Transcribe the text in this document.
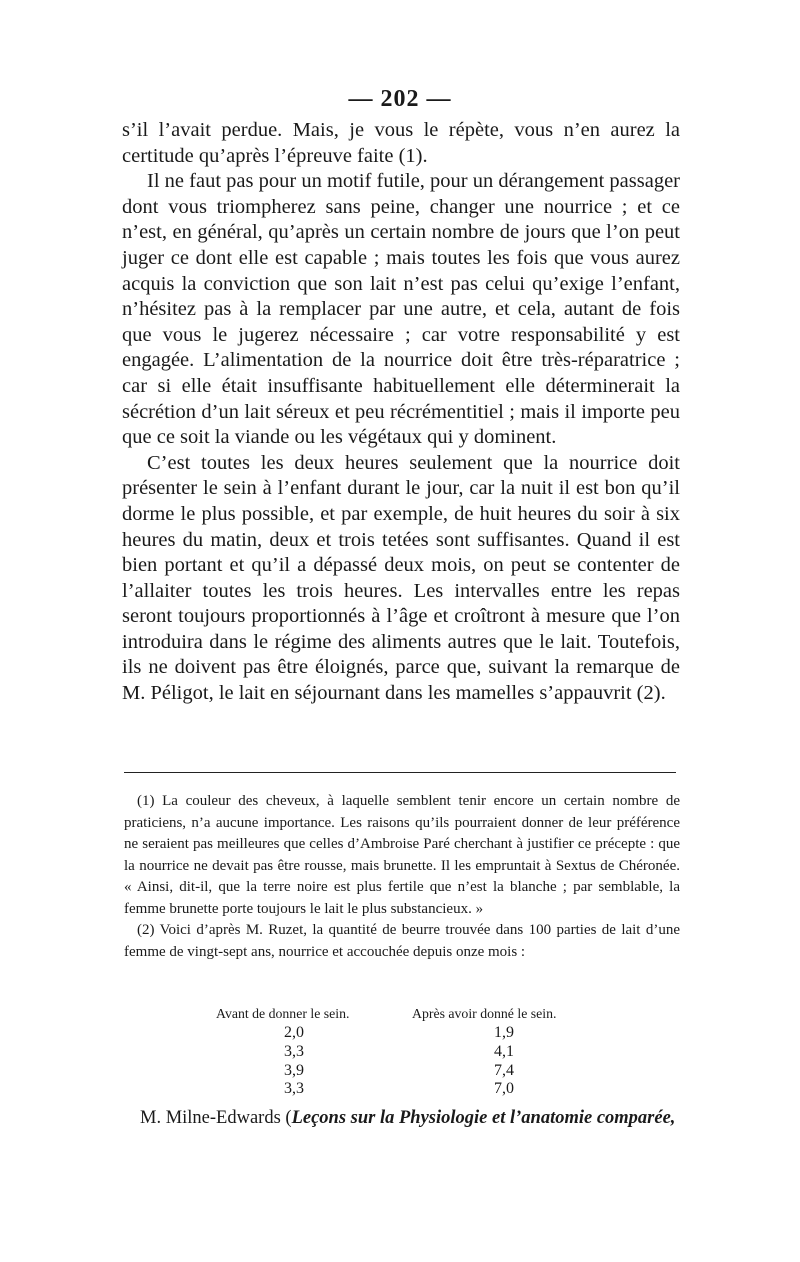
— 202 —

s’il l’avait perdue. Mais, je vous le répète, vous n’en aurez la certitude qu’après l’épreuve faite (1).

Il ne faut pas pour un motif futile, pour un dérangement passager dont vous triompherez sans peine, changer une nourrice ; et ce n’est, en général, qu’après un certain nombre de jours que l’on peut juger ce dont elle est capable ; mais toutes les fois que vous aurez acquis la conviction que son lait n’est pas celui qu’exige l’enfant, n’hésitez pas à la remplacer par une autre, et cela, autant de fois que vous le jugerez nécessaire ; car votre responsabilité y est engagée. L’alimentation de la nourrice doit être très-réparatrice ; car si elle était insuffisante habituellement elle déterminerait la sécrétion d’un lait séreux et peu récrémentitiel ; mais il importe peu que ce soit la viande ou les végétaux qui y dominent.

C’est toutes les deux heures seulement que la nourrice doit présenter le sein à l’enfant durant le jour, car la nuit il est bon qu’il dorme le plus possible, et par exemple, de huit heures du soir à six heures du matin, deux et trois tetées sont suffisantes. Quand il est bien portant et qu’il a dépassé deux mois, on peut se contenter de l’allaiter toutes les trois heures. Les intervalles entre les repas seront toujours proportionnés à l’âge et croîtront à mesure que l’on introduira dans le régime des aliments autres que le lait. Toutefois, ils ne doivent pas être éloignés, parce que, suivant la remarque de M. Péligot, le lait en séjournant dans les mamelles s’appauvrit (2).

(1) La couleur des cheveux, à laquelle semblent tenir encore un certain nombre de praticiens, n’a aucune importance. Les raisons qu’ils pourraient donner de leur préférence ne seraient pas meilleures que celles d’Ambroise Paré cherchant à justifier ce précepte : que la nourrice ne devait pas être rousse, mais brunette. Il les empruntait à Sextus de Chéronée. « Ainsi, dit-il, que la terre noire est plus fertile que n’est la blanche ; par semblable, la femme brunette porte toujours le lait le plus substancieux. »

(2) Voici d’après M. Ruzet, la quantité de beurre trouvée dans 100 parties de lait d’une femme de vingt-sept ans, nourrice et accouchée depuis onze mois :

Avant de donner le sein.	Après avoir donné le sein.
2,0	1,9
3,3	4,1
3,9	7,4
3,3	7,0
M. Milne-Edwards (Leçons sur la Physiologie et l’anatomie comparée,
